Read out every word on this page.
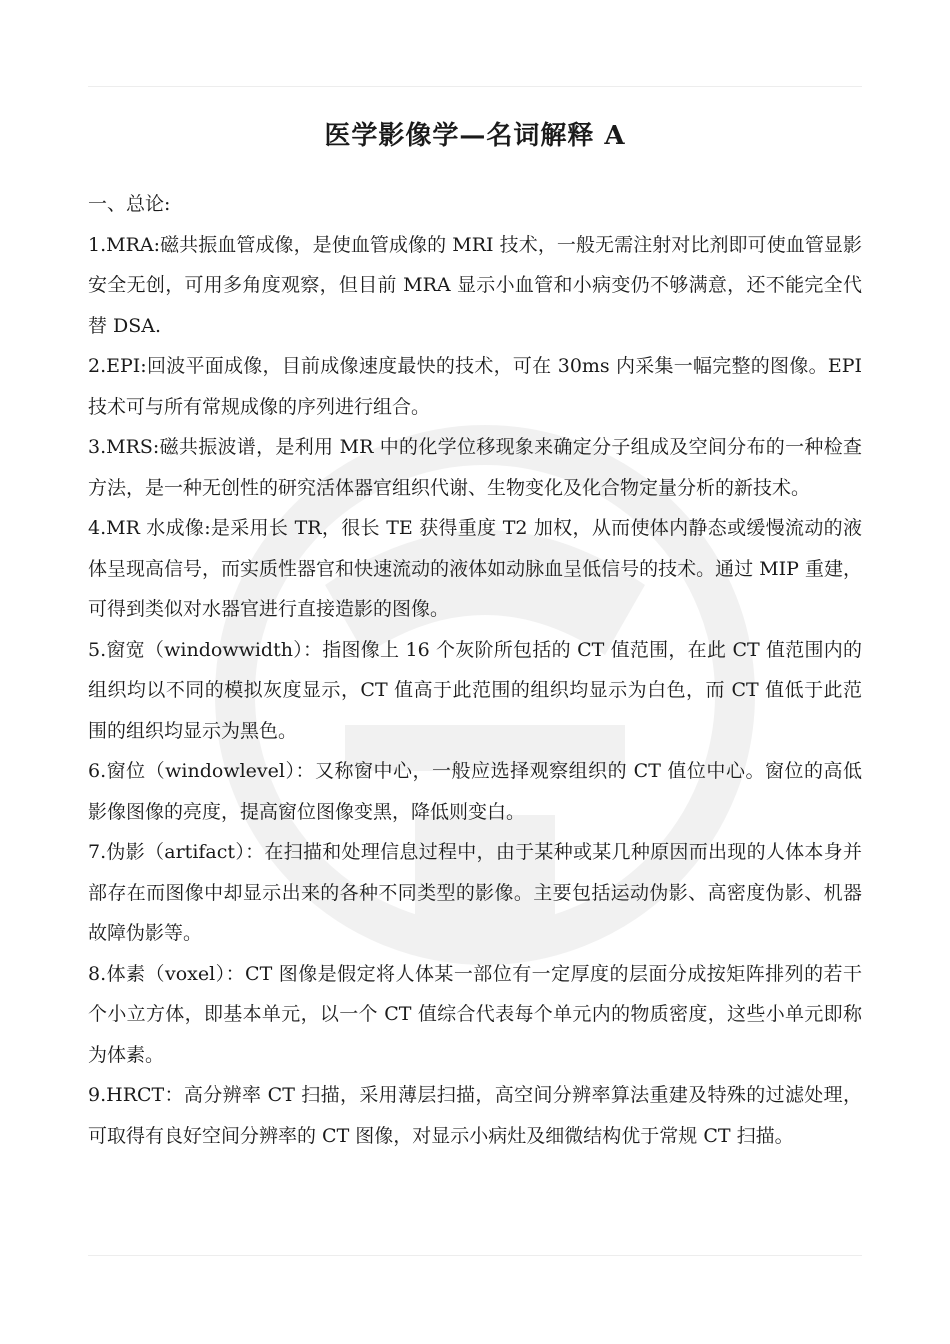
医学影像学—名词解释 A

一、总论:

1.MRA:磁共振血管成像，是使血管成像的 MRI 技术，一般无需注射对比剂即可使血管显影安全无创，可用多角度观察，但目前 MRA 显示小血管和小病变仍不够满意，还不能完全代替 DSA.

2.EPI:回波平面成像，目前成像速度最快的技术，可在 30ms 内采集一幅完整的图像。EPI 技术可与所有常规成像的序列进行组合。

3.MRS:磁共振波谱，是利用 MR 中的化学位移现象来确定分子组成及空间分布的一种检查方法，是一种无创性的研究活体器官组织代谢、生物变化及化合物定量分析的新技术。

4.MR 水成像:是采用长 TR，很长 TE 获得重度 T2 加权，从而使体内静态或缓慢流动的液体呈现高信号，而实质性器官和快速流动的液体如动脉血呈低信号的技术。通过 MIP 重建，可得到类似对水器官进行直接造影的图像。

5.窗宽（windowwidth）：指图像上 16 个灰阶所包括的 CT 值范围，在此 CT 值范围内的组织均以不同的模拟灰度显示，CT 值高于此范围的组织均显示为白色，而 CT 值低于此范围的组织均显示为黑色。

6.窗位（windowlevel）：又称窗中心，一般应选择观察组织的 CT 值位中心。窗位的高低影像图像的亮度，提高窗位图像变黑，降低则变白。

7.伪影（artifact）：在扫描和处理信息过程中，由于某种或某几种原因而出现的人体本身并部存在而图像中却显示出来的各种不同类型的影像。主要包括运动伪影、高密度伪影、机器故障伪影等。

8.体素（voxel）：CT 图像是假定将人体某一部位有一定厚度的层面分成按矩阵排列的若干个小立方体，即基本单元，以一个 CT 值综合代表每个单元内的物质密度，这些小单元即称为体素。

9.HRCT：高分辨率 CT 扫描，采用薄层扫描，高空间分辨率算法重建及特殊的过滤处理，可取得有良好空间分辨率的 CT 图像，对显示小病灶及细微结构优于常规 CT 扫描。
